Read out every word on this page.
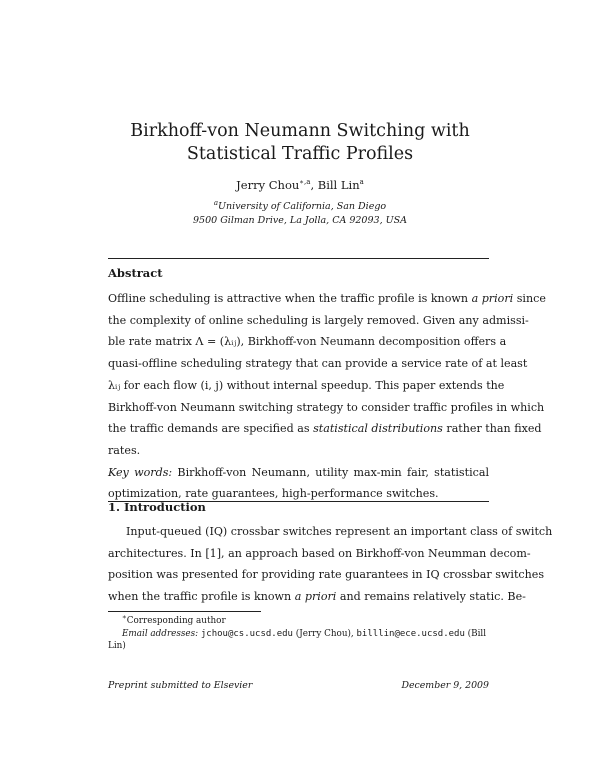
Birkhoff-von Neumann Switching with
Statistical Traffic Profiles
Jerry Chou$^{∗,a}$, Bill Lin$^a$
$^a$University of California, San Diego
9500 Gilman Drive, La Jolla, CA 92093, USA
Abstract
Offline scheduling is attractive when the traffic profile is known a priori since
the complexity of online scheduling is largely removed. Given any admissi-
ble rate matrix Λ = (λᵢⱼ), Birkhoff-von Neumann decomposition offers a
quasi-offline scheduling strategy that can provide a service rate of at least
λᵢⱼ for each flow (i, j) without internal speedup. This paper extends the
Birkhoff-von Neumann switching strategy to consider traffic profiles in which
the traffic demands are specified as statistical distributions rather than fixed
rates.
Key words: Birkhoff-von Neumann, utility max-min fair, statistical
optimization, rate guarantees, high-performance switches.
1. Introduction
Input-queued (IQ) crossbar switches represent an important class of switch
architectures. In [1], an approach based on Birkhoff-von Neumman decom-
position was presented for providing rate guarantees in IQ crossbar switches
when the traffic profile is known a priori and remains relatively static. Be-
∗Corresponding author
Email addresses: jchou@cs.ucsd.edu (Jerry Chou), billlin@ece.ucsd.edu (Bill
Lin)
Preprint submitted to Elsevier	December 9, 2009
